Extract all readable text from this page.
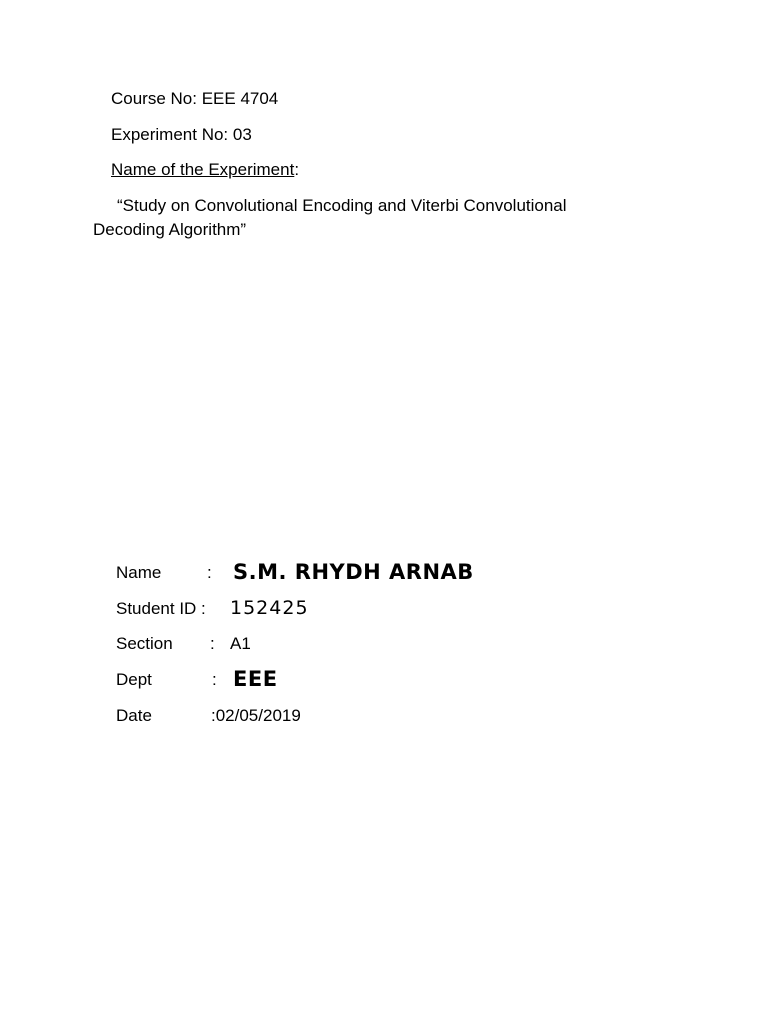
Course No: EEE 4704
Experiment No: 03
Name of the Experiment:
“Study on Convolutional Encoding and Viterbi Convolutional
Decoding Algorithm”
Name	: S.M. RHYDH ARNAB
Student ID : 152425
Section : A1
Dept	: EEE
Date	:02/05/2019
